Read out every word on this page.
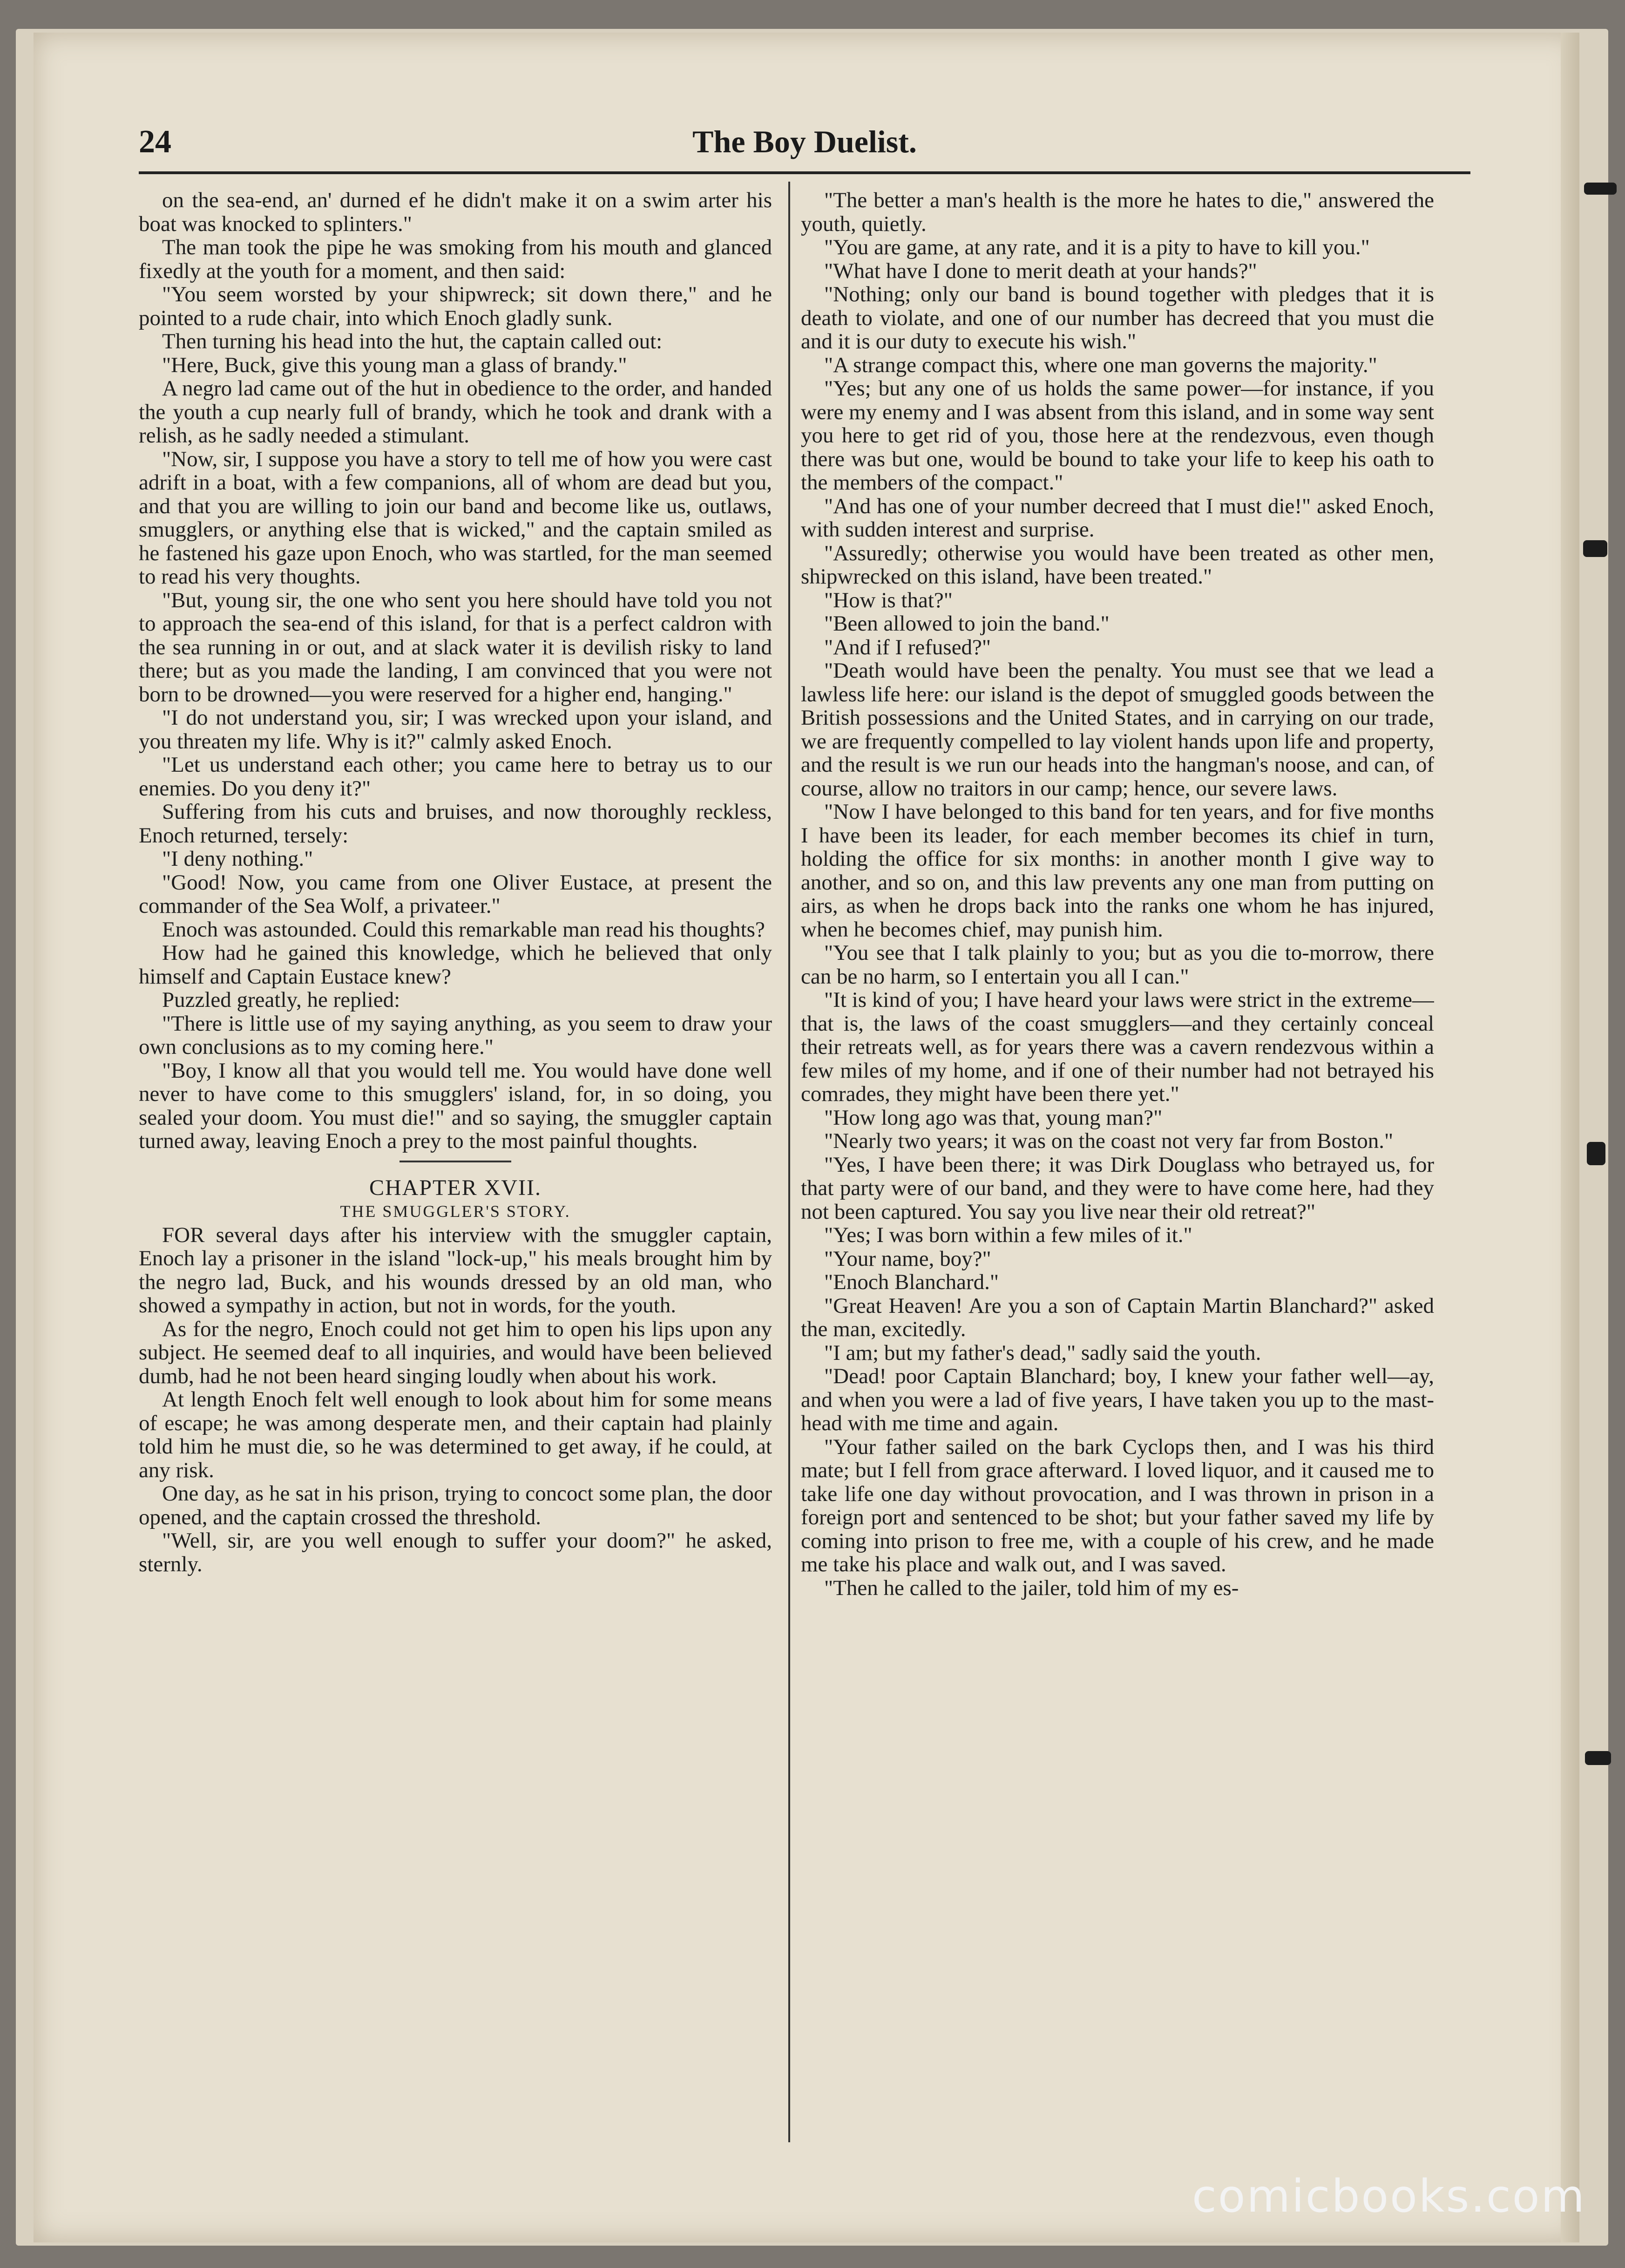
24	The Boy Duelist.

on the sea-end, an' durned ef he didn't make it on a swim arter his boat was knocked to splinters."

The man took the pipe he was smoking from his mouth and glanced fixedly at the youth for a moment, and then said:

"You seem worsted by your shipwreck; sit down there," and he pointed to a rude chair, into which Enoch gladly sunk.

Then turning his head into the hut, the captain called out:

"Here, Buck, give this young man a glass of brandy."

A negro lad came out of the hut in obedience to the order, and handed the youth a cup nearly full of brandy, which he took and drank with a relish, as he sadly needed a stimulant.

"Now, sir, I suppose you have a story to tell me of how you were cast adrift in a boat, with a few companions, all of whom are dead but you, and that you are willing to join our band and become like us, outlaws, smugglers, or anything else that is wicked," and the captain smiled as he fastened his gaze upon Enoch, who was startled, for the man seemed to read his very thoughts.

"But, young sir, the one who sent you here should have told you not to approach the sea-end of this island, for that is a perfect caldron with the sea running in or out, and at slack water it is devilish risky to land there; but as you made the landing, I am convinced that you were not born to be drowned—you were reserved for a higher end, hanging."

"I do not understand you, sir; I was wrecked upon your island, and you threaten my life. Why is it?" calmly asked Enoch.

"Let us understand each other; you came here to betray us to our enemies. Do you deny it?"

Suffering from his cuts and bruises, and now thoroughly reckless, Enoch returned, tersely:

"I deny nothing."

"Good! Now, you came from one Oliver Eustace, at present the commander of the Sea Wolf, a privateer."

Enoch was astounded. Could this remarkable man read his thoughts?

How had he gained this knowledge, which he believed that only himself and Captain Eustace knew?

Puzzled greatly, he replied:

"There is little use of my saying anything, as you seem to draw your own conclusions as to my coming here."

"Boy, I know all that you would tell me. You would have done well never to have come to this smugglers' island, for, in so doing, you sealed your doom. You must die!" and so saying, the smuggler captain turned away, leaving Enoch a prey to the most painful thoughts.

CHAPTER XVII.

THE SMUGGLER'S STORY.

FOR several days after his interview with the smuggler captain, Enoch lay a prisoner in the island "lock-up," his meals brought him by the negro lad, Buck, and his wounds dressed by an old man, who showed a sympathy in action, but not in words, for the youth.

As for the negro, Enoch could not get him to open his lips upon any subject. He seemed deaf to all inquiries, and would have been believed dumb, had he not been heard singing loudly when about his work.

At length Enoch felt well enough to look about him for some means of escape; he was among desperate men, and their captain had plainly told him he must die, so he was determined to get away, if he could, at any risk.

One day, as he sat in his prison, trying to concoct some plan, the door opened, and the captain crossed the threshold.

"Well, sir, are you well enough to suffer your doom?" he asked, sternly.

"The better a man's health is the more he hates to die," answered the youth, quietly.

"You are game, at any rate, and it is a pity to have to kill you."

"What have I done to merit death at your hands?"

"Nothing; only our band is bound together with pledges that it is death to violate, and one of our number has decreed that you must die and it is our duty to execute his wish."

"A strange compact this, where one man governs the majority."

"Yes; but any one of us holds the same power—for instance, if you were my enemy and I was absent from this island, and in some way sent you here to get rid of you, those here at the rendezvous, even though there was but one, would be bound to take your life to keep his oath to the members of the compact."

"And has one of your number decreed that I must die!" asked Enoch, with sudden interest and surprise.

"Assuredly; otherwise you would have been treated as other men, shipwrecked on this island, have been treated."

"How is that?"

"Been allowed to join the band."

"And if I refused?"

"Death would have been the penalty. You must see that we lead a lawless life here: our island is the depot of smuggled goods between the British possessions and the United States, and in carrying on our trade, we are frequently compelled to lay violent hands upon life and property, and the result is we run our heads into the hangman's noose, and can, of course, allow no traitors in our camp; hence, our severe laws.

"Now I have belonged to this band for ten years, and for five months I have been its leader, for each member becomes its chief in turn, holding the office for six months: in another month I give way to another, and so on, and this law prevents any one man from putting on airs, as when he drops back into the ranks one whom he has injured, when he becomes chief, may punish him.

"You see that I talk plainly to you; but as you die to-morrow, there can be no harm, so I entertain you all I can."

"It is kind of you; I have heard your laws were strict in the extreme—that is, the laws of the coast smugglers—and they certainly conceal their retreats well, as for years there was a cavern rendezvous within a few miles of my home, and if one of their number had not betrayed his comrades, they might have been there yet."

"How long ago was that, young man?"

"Nearly two years; it was on the coast not very far from Boston."

"Yes, I have been there; it was Dirk Douglass who betrayed us, for that party were of our band, and they were to have come here, had they not been captured. You say you live near their old retreat?"

"Yes; I was born within a few miles of it."

"Your name, boy?"

"Enoch Blanchard."

"Great Heaven! Are you a son of Captain Martin Blanchard?" asked the man, excitedly.

"I am; but my father's dead," sadly said the youth.

"Dead! poor Captain Blanchard; boy, I knew your father well—ay, and when you were a lad of five years, I have taken you up to the mast-head with me time and again.

"Your father sailed on the bark Cyclops then, and I was his third mate; but I fell from grace afterward. I loved liquor, and it caused me to take life one day without provocation, and I was thrown in prison in a foreign port and sentenced to be shot; but your father saved my life by coming into prison to free me, with a couple of his crew, and he made me take his place and walk out, and I was saved.

"Then he called to the jailer, told him of my es-

comicbooks.com
